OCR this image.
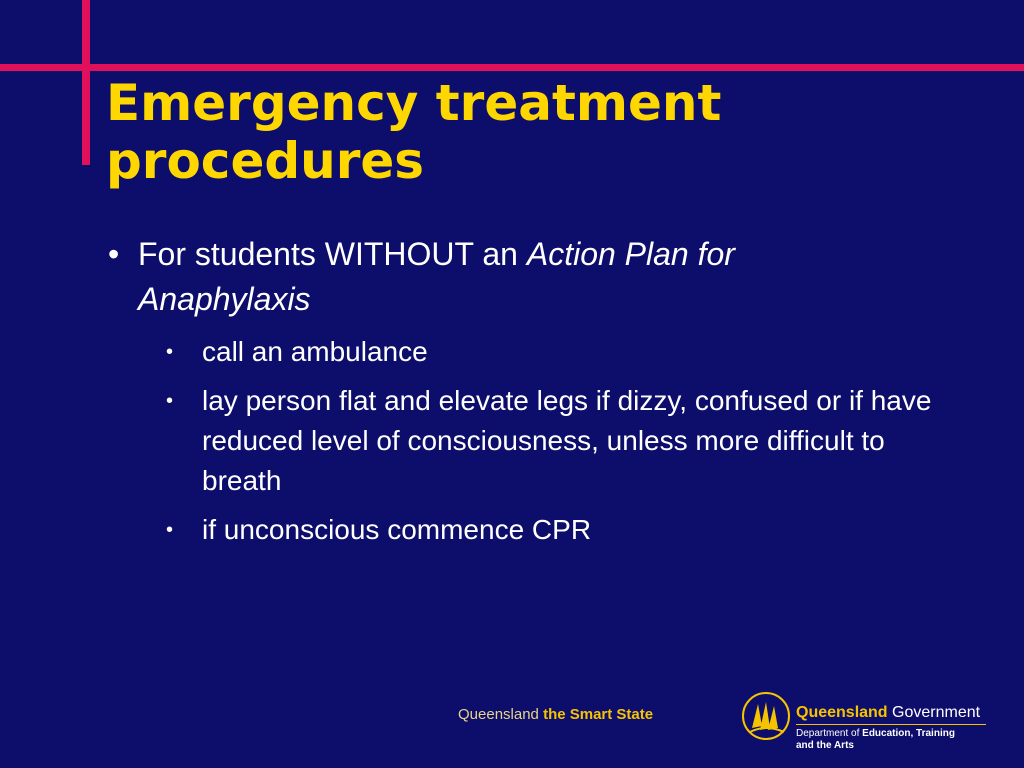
Emergency treatment
procedures
• For students WITHOUT an Action Plan for
Anaphylaxis
•	call an ambulance
•	lay person flat and elevate legs if dizzy, confused or if have reduced level of consciousness, unless more difficult to breath
•	if unconscious commence CPR
Queensland the Smart State	Queensland Government
Department of Education, Training
and the Arts
